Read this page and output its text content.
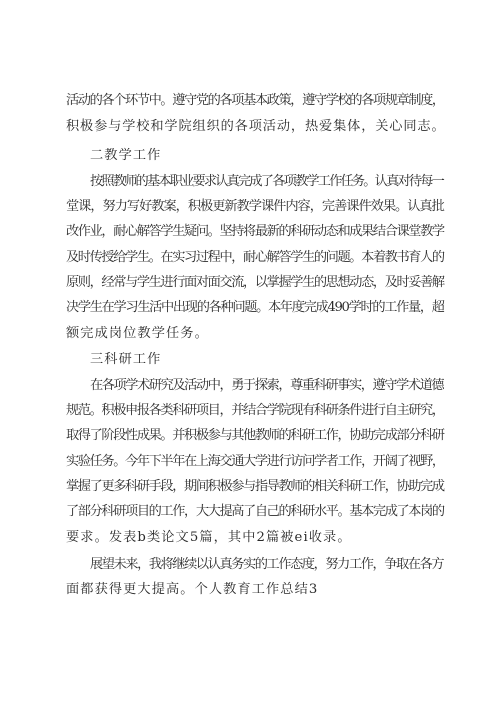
活动的各个环节中。遵守党的各项基本政策，遵守学校的各项规章制度，
积极参与学校和学院组织的各项活动，热爱集体，关心同志。
二教学工作
按照教师的基本职业要求认真完成了各项教学工作任务。认真对待每一
堂课，努力写好教案，积极更新教学课件内容，完善课件效果。认真批
改作业，耐心解答学生疑问。坚持将最新的科研动态和成果结合课堂教学
及时传授给学生。在实习过程中，耐心解答学生的问题。本着教书育人的
原则，经常与学生进行面对面交流，以掌握学生的思想动态，及时妥善解
决学生在学习生活中出现的各种问题。本年度完成490学时的工作量，超
额完成岗位教学任务。
三科研工作
在各项学术研究及活动中，勇于探索，尊重科研事实，遵守学术道德
规范。积极申报各类科研项目，并结合学院现有科研条件进行自主研究，
取得了阶段性成果。并积极参与其他教师的科研工作，协助完成部分科研
实验任务。今年下半年在上海交通大学进行访问学者工作，开阔了视野，
掌握了更多科研手段，期间积极参与指导教师的相关科研工作，协助完成
了部分科研项目的工作，大大提高了自己的科研水平。基本完成了本岗的
要求。发表b类论文5篇，其中2篇被ei收录。
展望未来，我将继续以认真务实的工作态度，努力工作，争取在各方
面都获得更大提高。个人教育工作总结3
